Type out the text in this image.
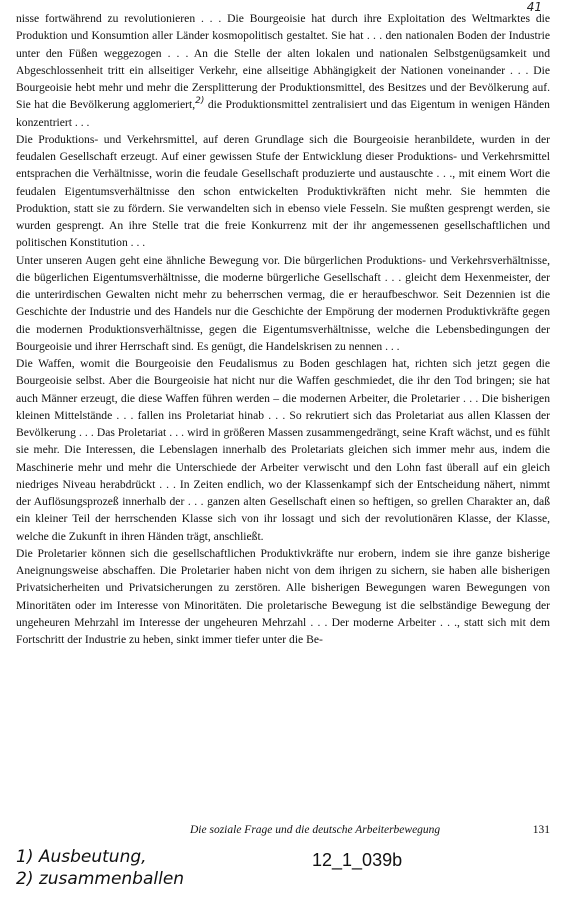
41

nisse fortwährend zu revolutionieren . . . Die Bourgeoisie hat durch ihre Exploitation des Weltmarktes die Produktion und Konsumtion aller Länder kosmopolitisch gestaltet. Sie hat . . . den nationalen Boden der Industrie unter den Füßen weggezogen . . . An die Stelle der alten lokalen und nationalen Selbstgenügsamkeit und Abgeschlossenheit tritt ein allseitiger Verkehr, eine allseitige Abhängigkeit der Nationen voneinander . . . Die Bourgeoisie hebt mehr und mehr die Zersplitterung der Produktionsmittel, des Besitzes und der Bevölkerung auf. Sie hat die Bevölkerung agglomeriert,$^{2)}$ die Produktionsmittel zentralisiert und das Eigentum in wenigen Händen konzentriert . . .

Die Produktions- und Verkehrsmittel, auf deren Grundlage sich die Bourgeoisie heranbildete, wurden in der feudalen Gesellschaft erzeugt. Auf einer gewissen Stufe der Entwicklung dieser Produktions- und Verkehrsmittel entsprachen die Verhältnisse, worin die feudale Gesellschaft produzierte und austauschte . . ., mit einem Wort die feudalen Eigentumsverhältnisse den schon entwickelten Produktivkräften nicht mehr. Sie hemmten die Produktion, statt sie zu fördern. Sie verwandelten sich in ebenso viele Fesseln. Sie mußten gesprengt werden, sie wurden gesprengt. An ihre Stelle trat die freie Konkurrenz mit der ihr angemessenen gesellschaftlichen und politischen Konstitution . . .

Unter unseren Augen geht eine ähnliche Bewegung vor. Die bürgerlichen Produktions- und Verkehrsverhältnisse, die bügerlichen Eigentumsverhältnisse, die moderne bürgerliche Gesellschaft . . . gleicht dem Hexenmeister, der die unterirdischen Gewalten nicht mehr zu beherrschen vermag, die er heraufbeschwor. Seit Dezennien ist die Geschichte der Industrie und des Handels nur die Geschichte der Empörung der modernen Produktivkräfte gegen die modernen Produktionsverhältnisse, gegen die Eigentumsverhältnisse, welche die Lebensbedingungen der Bourgeoisie und ihrer Herrschaft sind. Es genügt, die Handelskrisen zu nennen . . .

Die Waffen, womit die Bourgeoisie den Feudalismus zu Boden geschlagen hat, richten sich jetzt gegen die Bourgeoisie selbst. Aber die Bourgeoisie hat nicht nur die Waffen geschmiedet, die ihr den Tod bringen; sie hat auch Männer erzeugt, die diese Waffen führen werden – die modernen Arbeiter, die Proletarier . . . Die bisherigen kleinen Mittelstände . . . fallen ins Proletariat hinab . . . So rekrutiert sich das Proletariat aus allen Klassen der Bevölkerung . . . Das Proletariat . . . wird in größeren Massen zusammengedrängt, seine Kraft wächst, und es fühlt sie mehr. Die Interessen, die Lebenslagen innerhalb des Proletariats gleichen sich immer mehr aus, indem die Maschinerie mehr und mehr die Unterschiede der Arbeiter verwischt und den Lohn fast überall auf ein gleich niedriges Niveau herabdrückt . . . In Zeiten endlich, wo der Klassenkampf sich der Entscheidung nähert, nimmt der Auflösungsprozeß innerhalb der . . . ganzen alten Gesellschaft einen so heftigen, so grellen Charakter an, daß ein kleiner Teil der herrschenden Klasse sich von ihr lossagt und sich der revolutionären Klasse, der Klasse, welche die Zukunft in ihren Händen trägt, anschließt.

Die Proletarier können sich die gesellschaftlichen Produktivkräfte nur erobern, indem sie ihre ganze bisherige Aneignungsweise abschaffen. Die Proletarier haben nicht von dem ihrigen zu sichern, sie haben alle bisherigen Privatsicherheiten und Privatsicherungen zu zerstören. Alle bisherigen Bewegungen waren Bewegungen von Minoritäten oder im Interesse von Minoritäten. Die proletarische Bewegung ist die selbständige Bewegung der ungeheuren Mehrzahl im Interesse der ungeheuren Mehrzahl . . . Der moderne Arbeiter . . ., statt sich mit dem Fortschritt der Industrie zu heben, sinkt immer tiefer unter die Be-

Die soziale Frage und die deutsche Arbeiterbewegung	131
1) Ausbeutung,
2) zusammenballen
12_1_039b
